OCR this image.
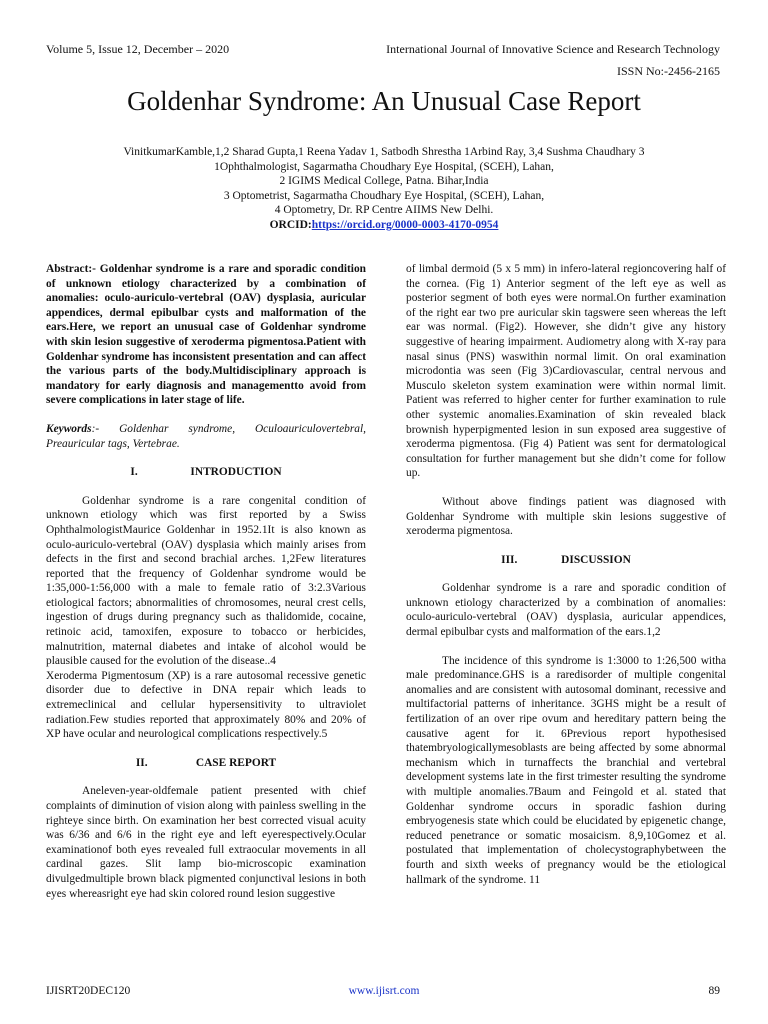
Volume 5, Issue 12, December – 2020	International Journal of Innovative Science and Research Technology
ISSN No:-2456-2165
Goldenhar Syndrome: An Unusual Case Report
VinitkumarKamble,1,2 Sharad Gupta,1 Reena Yadav 1, Satbodh Shrestha 1Arbind Ray, 3,4 Sushma Chaudhary 3
1Ophthalmologist, Sagarmatha Choudhary Eye Hospital, (SCEH), Lahan,
2 IGIMS Medical College, Patna. Bihar,India
3 Optometrist, Sagarmatha Choudhary Eye Hospital, (SCEH), Lahan,
4 Optometry, Dr. RP Centre AIIMS New Delhi.
ORCID:https://orcid.org/0000-0003-4170-0954

Abstract:- Goldenhar syndrome is a rare and sporadic condition of unknown etiology characterized by a combination of anomalies: oculo-auriculo-vertebral (OAV) dysplasia, auricular appendices, dermal epibulbar cysts and malformation of the ears.Here, we report an unusual case of Goldenhar syndrome with skin lesion suggestive of xeroderma pigmentosa.Patient with Goldenhar syndrome has inconsistent presentation and can affect the various parts of the body.Multidisciplinary approach is mandatory for early diagnosis and managementto avoid from severe complications in later stage of life.

Keywords:- Goldenhar syndrome, Oculoauriculovertebral, Preauricular tags, Vertebrae.

I.	INTRODUCTION

Goldenhar syndrome is a rare congenital condition of unknown etiology which was first reported by a Swiss OphthalmologistMaurice Goldenhar in 1952.1It is also known as oculo-auriculo-vertebral (OAV) dysplasia which mainly arises from defects in the first and second brachial arches. 1,2Few literatures reported that the frequency of Goldenhar syndrome would be 1:35,000-1:56,000 with a male to female ratio of 3:2.3Various etiological factors; abnormalities of chromosomes, neural crest cells, ingestion of drugs during pregnancy such as thalidomide, cocaine, retinoic acid, tamoxifen, exposure to tobacco or herbicides, malnutrition, maternal diabetes and intake of alcohol would be plausible caused for the evolution of the disease..4

Xeroderma Pigmentosum (XP) is a rare autosomal recessive genetic disorder due to defective in DNA repair which leads to extremeclinical and cellular hypersensitivity to ultraviolet radiation.Few studies reported that approximately 80% and 20% of XP have ocular and neurological complications respectively.5

II.	CASE REPORT

Aneleven-year-oldfemale patient presented with chief complaints of diminution of vision along with painless swelling in the righteye since birth. On examination her best corrected visual acuity was 6/36 and 6/6 in the right eye and left eyerespectively.Ocular examinationof both eyes revealed full extraocular movements in all cardinal gazes. Slit lamp bio-microscopic examination divulgedmultiple brown black pigmented conjunctival lesions in both eyes whereasright eye had skin colored round lesion suggestive

of limbal dermoid (5 x 5 mm) in infero-lateral regioncovering half of the cornea. (Fig 1) Anterior segment of the left eye as well as posterior segment of both eyes were normal.On further examination of the right ear two pre auricular skin tagswere seen whereas the left ear was normal. (Fig2). However, she didn’t give any history suggestive of hearing impairment. Audiometry along with X-ray para nasal sinus (PNS) waswithin normal limit. On oral examination microdontia was seen (Fig 3)Cardiovascular, central nervous and Musculo skeleton system examination were within normal limit. Patient was referred to higher center for further examination to rule other systemic anomalies.Examination of skin revealed black brownish hyperpigmented lesion in sun exposed area suggestive of xeroderma pigmentosa. (Fig 4) Patient was sent for dermatological consultation for further management but she didn’t come for follow up.

Without above findings patient was diagnosed with Goldenhar Syndrome with multiple skin lesions suggestive of xeroderma pigmentosa.

III.	DISCUSSION

Goldenhar syndrome is a rare and sporadic condition of unknown etiology characterized by a combination of anomalies: oculo-auriculo-vertebral (OAV) dysplasia, auricular appendices, dermal epibulbar cysts and malformation of the ears.1,2

The incidence of this syndrome is 1:3000 to 1:26,500 witha male predominance.GHS is a raredisorder of multiple congenital anomalies and are consistent with autosomal dominant, recessive and multifactorial patterns of inheritance. 3GHS might be a result of fertilization of an over ripe ovum and hereditary pattern being the causative agent for it. 6Previous report hypothesised thatembryologicallymesoblasts are being affected by some abnormal mechanism which in turnaffects the branchial and vertebral development systems late in the first trimester resulting the syndrome with multiple anomalies.7Baum and Feingold et al. stated that Goldenhar syndrome occurs in sporadic fashion during embryogenesis state which could be elucidated by epigenetic change, reduced penetrance or somatic mosaicism. 8,9,10Gomez et al. postulated that implementation of cholecystographybetween the fourth and sixth weeks of pregnancy would be the etiological hallmark of the syndrome. 11

IJISRT20DEC120	www.ijisrt.com	89
